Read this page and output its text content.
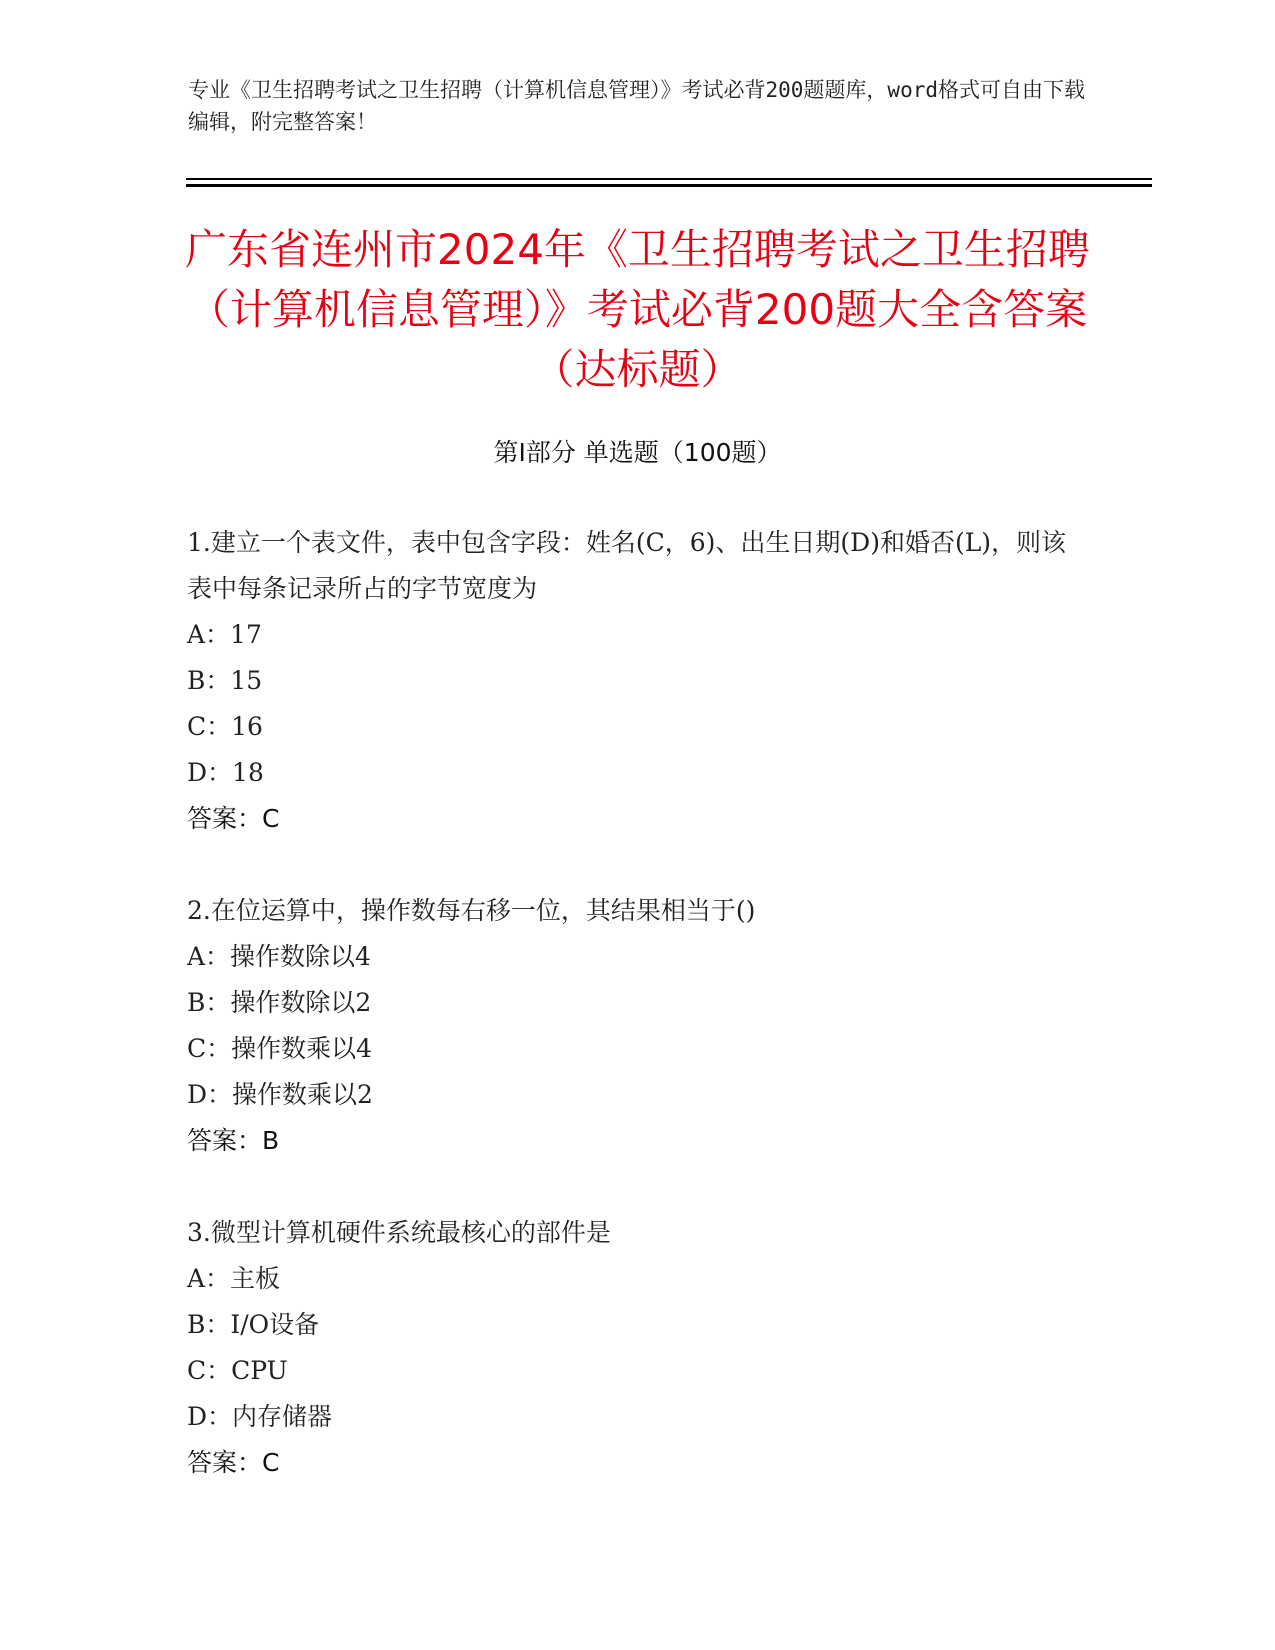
专业《卫生招聘考试之卫生招聘（计算机信息管理）》考试必背200题题库，word格式可自由下载编辑，附完整答案！
广东省连州市2024年《卫生招聘考试之卫生招聘（计算机信息管理）》考试必背200题大全含答案（达标题）
第Ⅰ部分 单选题（100题）
1.建立一个表文件，表中包含字段：姓名(C，6)、出生日期(D)和婚否(L)，则该表中每条记录所占的字节宽度为
A：17
B：15
C：16
D：18
答案：C
2.在位运算中，操作数每右移一位，其结果相当于()
A：操作数除以4
B：操作数除以2
C：操作数乘以4
D：操作数乘以2
答案：B
3.微型计算机硬件系统最核心的部件是
A：主板
B：I/O设备
C：CPU
D：内存储器
答案：C
